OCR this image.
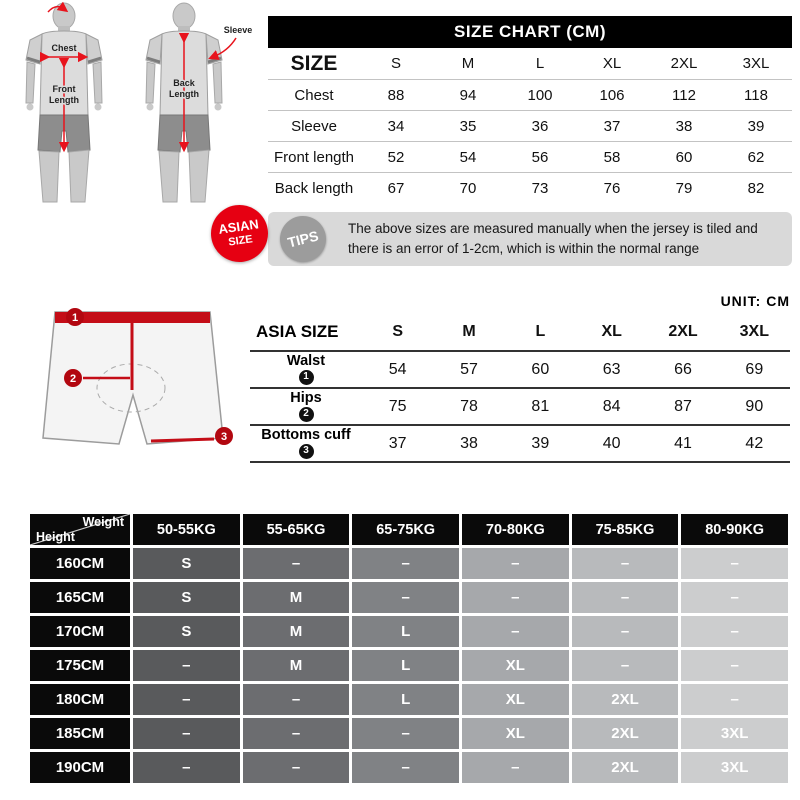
Chest
Front
Length
Sleeve
Back
Length
SIZE CHART (CM)
SIZE	S	M	L	XL	2XL	3XL
Chest	88	94	100	106	112	118
Sleeve	34	35	36	37	38	39
Front length	52	54	56	58	60	62
Back length	67	70	73	76	79	82
The above sizes are measured manually when the jersey is tiled and there is an error of 1-2cm, which is within the normal range
ASIAN
SIZE	TIPS
1
2
3
UNIT: CM
ASIA SIZE	S	M	L	XL	2XL	3XL
Walst
1	54	57	60	63	66	69
Hips
2	75	78	81	84	87	90
Bottoms cuff
3	37	38	39	40	41	42
Weight
Height	50-55KG	55-65KG	65-75KG	70-80KG	75-85KG	80-90KG
160CM	S	–	–	–	–	–
165CM	S	M	–	–	–	–
170CM	S	M	L	–	–	–
175CM	–	M	L	XL	–	–
180CM	–	–	L	XL	2XL	–
185CM	–	–	–	XL	2XL	3XL
190CM	–	–	–	–	2XL	3XL
